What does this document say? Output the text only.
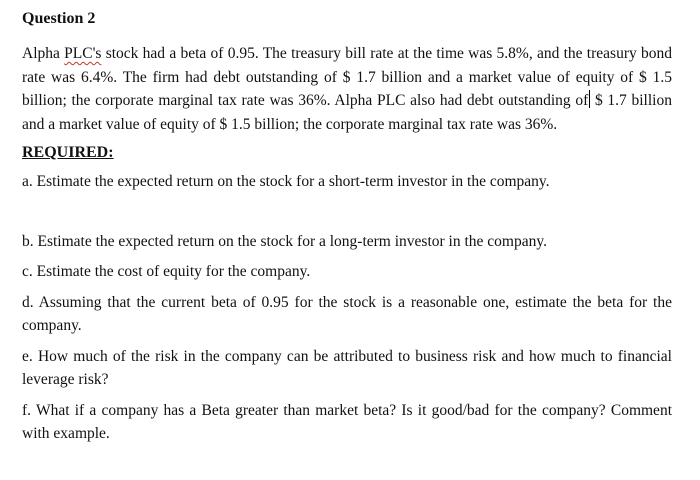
Question 2

Alpha PLC's stock had a beta of 0.95. The treasury bill rate at the time was 5.8%, and the treasury bond rate was 6.4%. The firm had debt outstanding of $ 1.7 billion and a market value of equity of $ 1.5 billion; the corporate marginal tax rate was 36%. Alpha PLC also had debt outstanding of $ 1.7 billion and a market value of equity of $ 1.5 billion; the corporate marginal tax rate was 36%.

REQUIRED:

a. Estimate the expected return on the stock for a short-term investor in the company.

b. Estimate the expected return on the stock for a long-term investor in the company.

c. Estimate the cost of equity for the company.

d. Assuming that the current beta of 0.95 for the stock is a reasonable one, estimate the beta for the company.

e. How much of the risk in the company can be attributed to business risk and how much to financial leverage risk?

f. What if a company has a Beta greater than market beta? Is it good/bad for the company? Comment with example.
